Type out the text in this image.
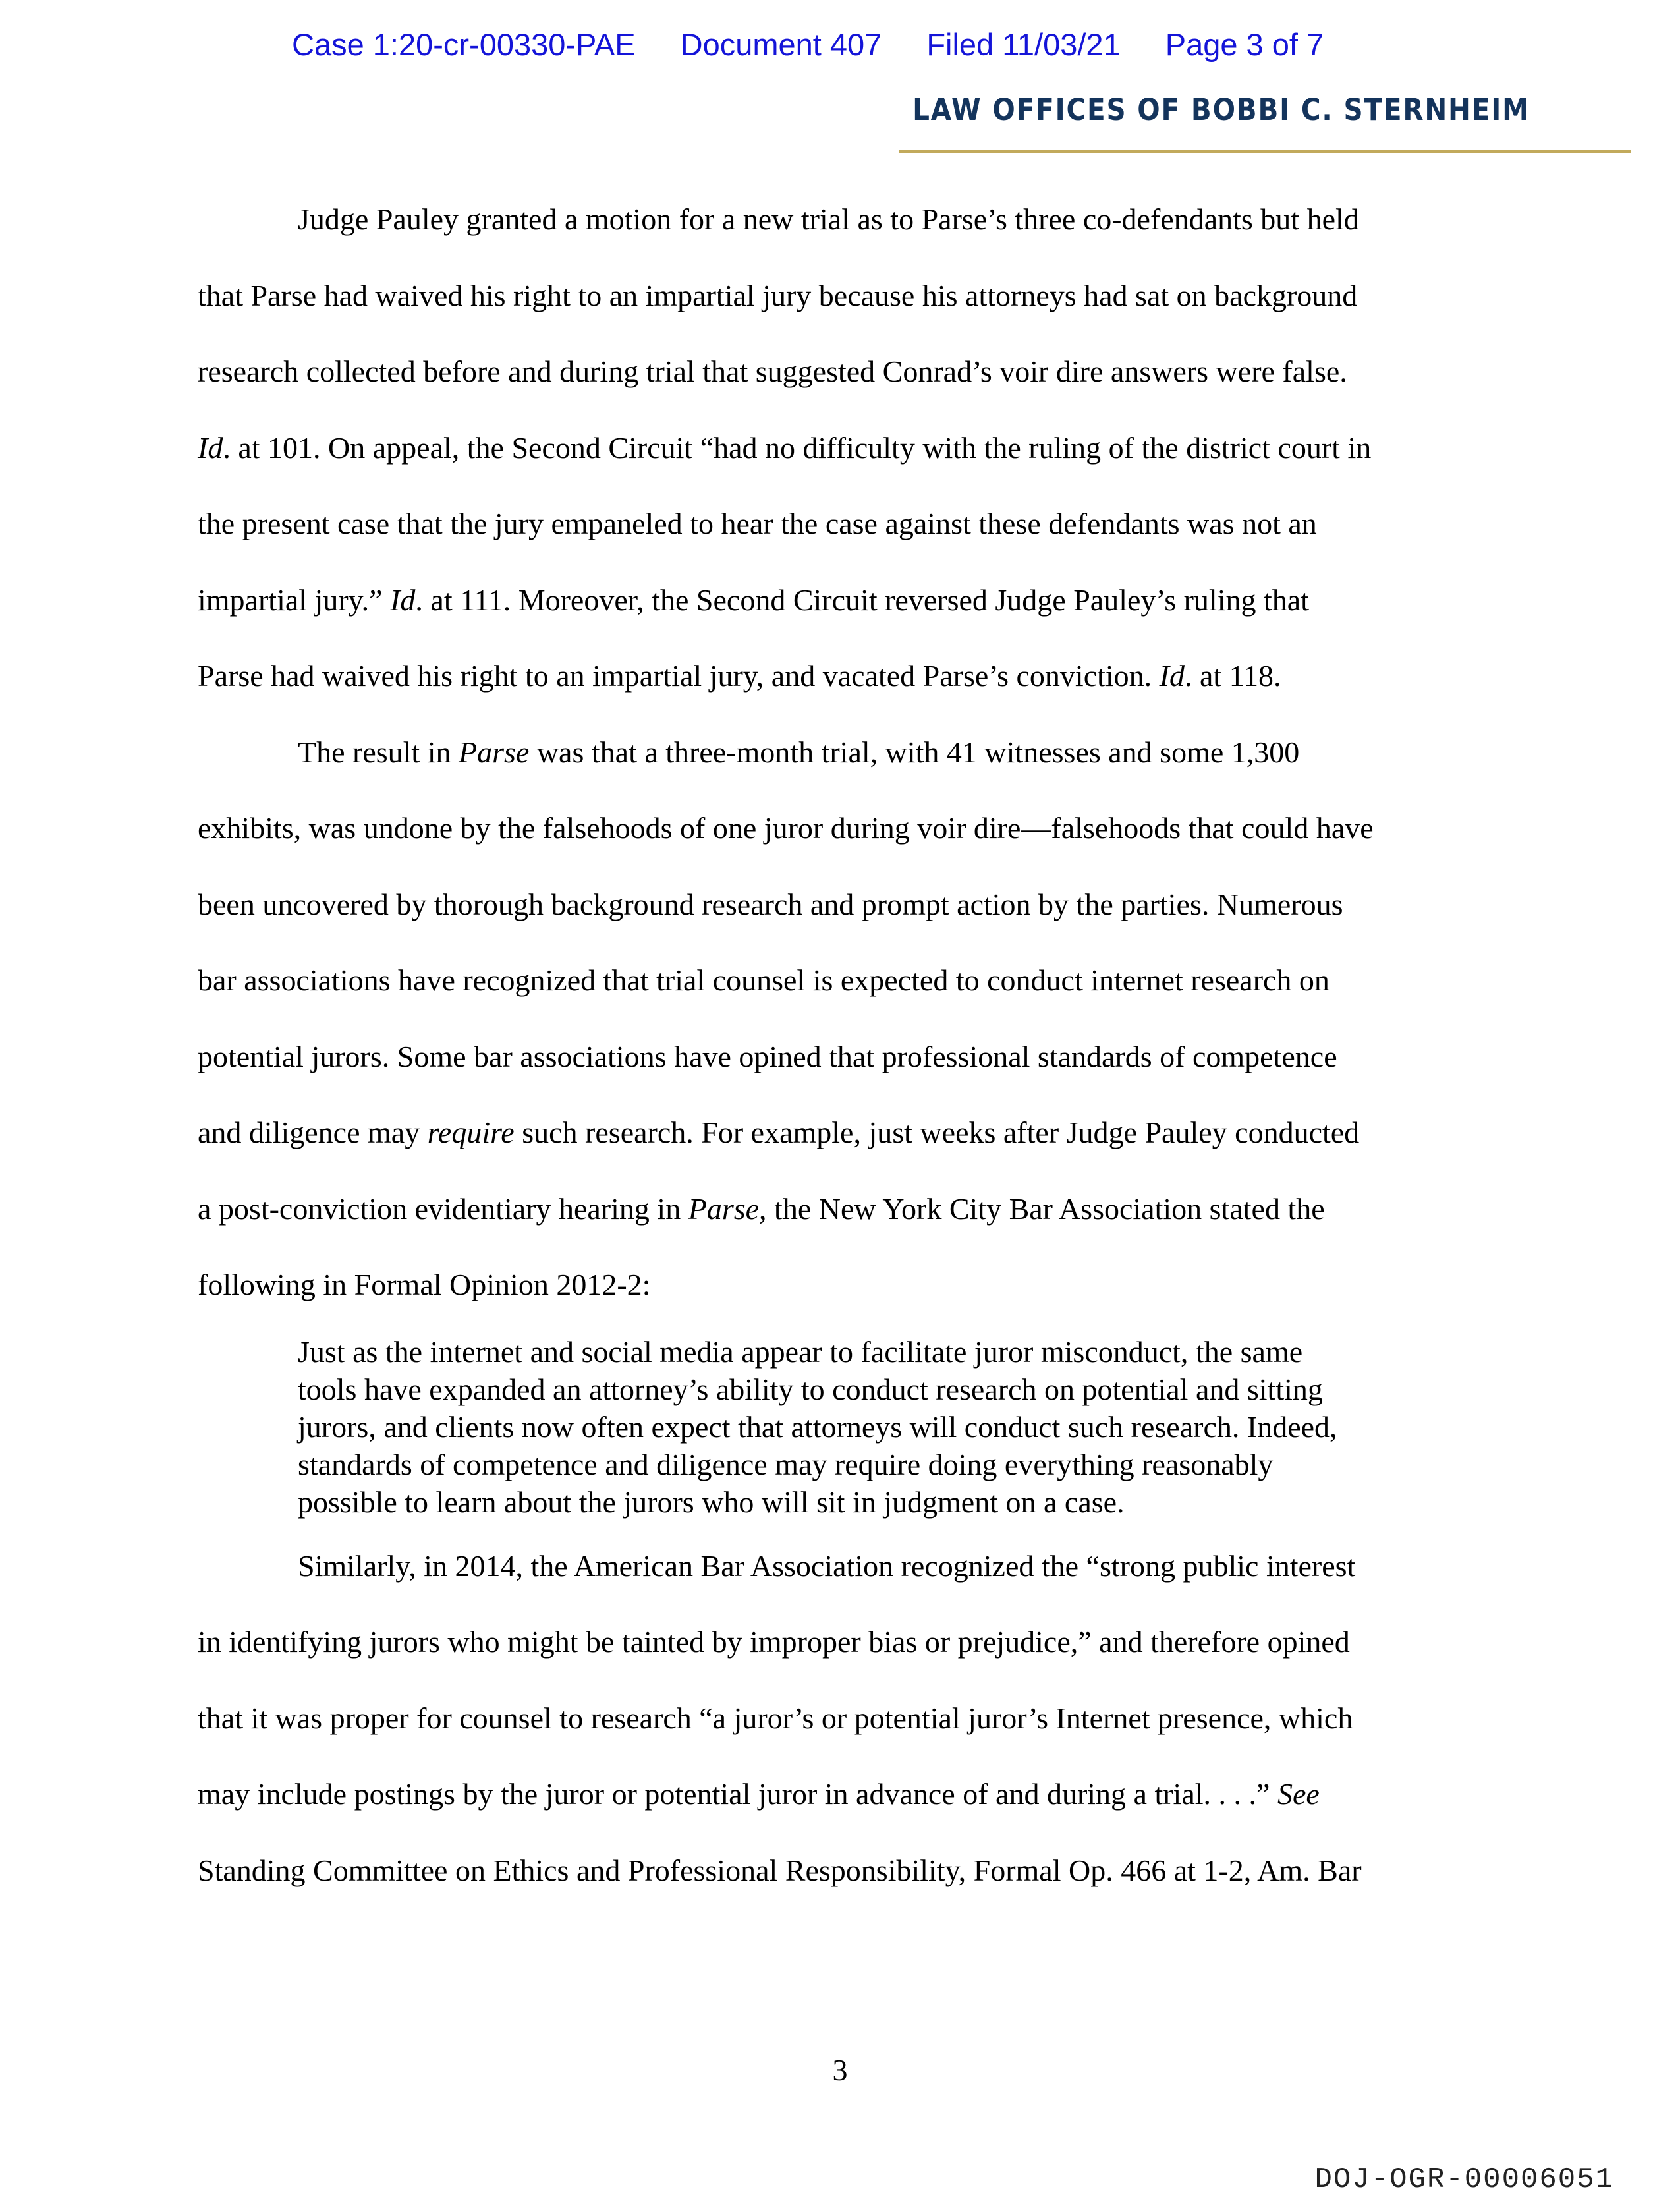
Case 1:20-cr-00330-PAE Document 407 Filed 11/03/21 Page 3 of 7
LAW OFFICES OF BOBBI C. STERNHEIM
Judge Pauley granted a motion for a new trial as to Parse’s three co-defendants but held
that Parse had waived his right to an impartial jury because his attorneys had sat on background
research collected before and during trial that suggested Conrad’s voir dire answers were false.
Id. at 101. On appeal, the Second Circuit “had no difficulty with the ruling of the district court in
the present case that the jury empaneled to hear the case against these defendants was not an
impartial jury.” Id. at 111. Moreover, the Second Circuit reversed Judge Pauley’s ruling that
Parse had waived his right to an impartial jury, and vacated Parse’s conviction. Id. at 118.
The result in Parse was that a three-month trial, with 41 witnesses and some 1,300
exhibits, was undone by the falsehoods of one juror during voir dire—falsehoods that could have
been uncovered by thorough background research and prompt action by the parties. Numerous
bar associations have recognized that trial counsel is expected to conduct internet research on
potential jurors. Some bar associations have opined that professional standards of competence
and diligence may require such research. For example, just weeks after Judge Pauley conducted
a post-conviction evidentiary hearing in Parse, the New York City Bar Association stated the
following in Formal Opinion 2012-2:
Just as the internet and social media appear to facilitate juror misconduct, the same
tools have expanded an attorney’s ability to conduct research on potential and sitting
jurors, and clients now often expect that attorneys will conduct such research. Indeed,
standards of competence and diligence may require doing everything reasonably
possible to learn about the jurors who will sit in judgment on a case.
Similarly, in 2014, the American Bar Association recognized the “strong public interest
in identifying jurors who might be tainted by improper bias or prejudice,” and therefore opined
that it was proper for counsel to research “a juror’s or potential juror’s Internet presence, which
may include postings by the juror or potential juror in advance of and during a trial. . . .” See
Standing Committee on Ethics and Professional Responsibility, Formal Op. 466 at 1-2, Am. Bar
3
DOJ-OGR-00006051
